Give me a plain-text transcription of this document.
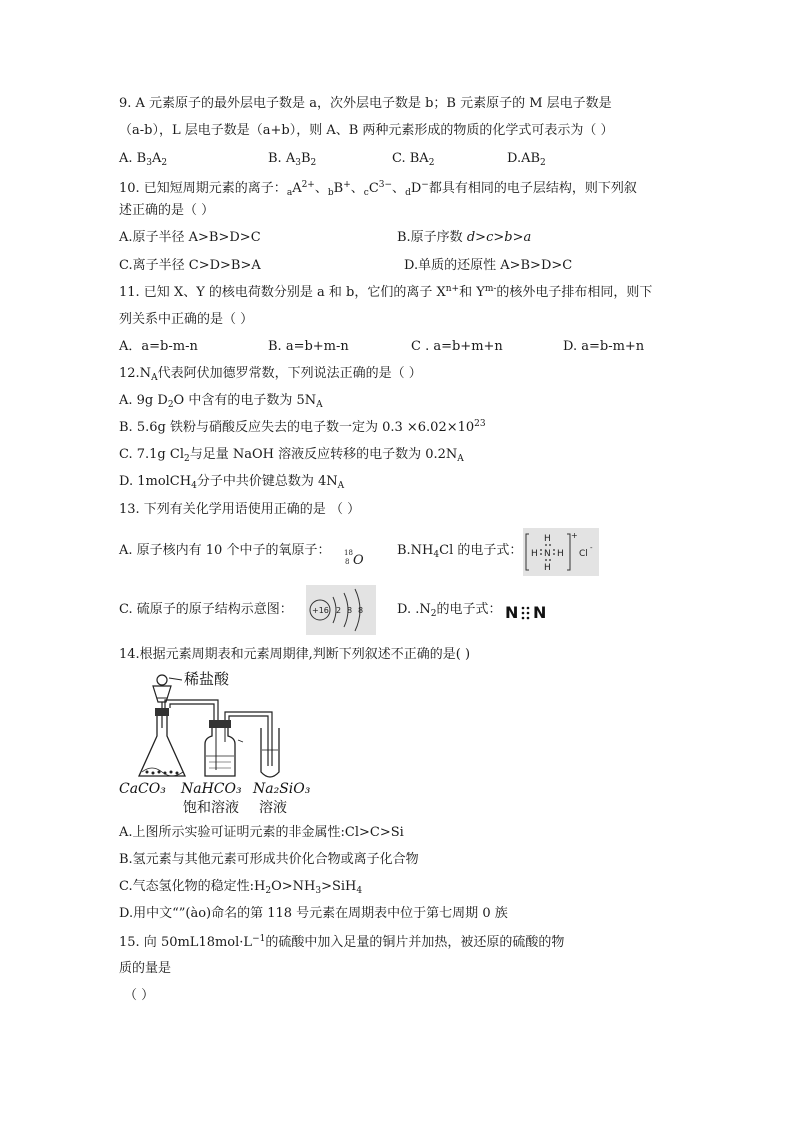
9. A 元素原子的最外层电子数是 a，次外层电子数是 b；B 元素原子的 M 层电子数是
（a-b），L 层电子数是（a+b），则 A、B 两种元素形成的物质的化学式可表示为（ ）
A. $B_3A_2$	B. $A_3B_2$	C. $BA_2$	$D.AB_2$
10. 已知短周期元素的离子：$_aA^{2+}$、$_b$B+、$_cC^{3-}$、$_d$D−都具有相同的电子层结构，则下列叙
述正确的是（ ）
A.原子半径 A>B>D>C	B.原子序数 d>c>b>a
C.离子半径 C>D>B>A	D.单质的还原性 A>B>D>C
11. 已知 X、Y 的核电荷数分别是 a 和 b，它们的离子 $X^{n+}$和 $Y^{m-}$的核外电子排布相同，则下
列关系中正确的是（ ）
A．a=b-m-n	B. a=b+m-n	C . a=b+m+n	D. a=b-m+n
$12.N_A$代表阿伏加德罗常数，下列说法正确的是（ ）
A. 9g $D_2O$ 中含有的电子数为 $5N_A$
B. 5.6g 铁粉与硝酸反应失去的电子数一定为 $0.3 \times 6.02\times 10^{23}$
C. 7.1g $Cl_2$与足量 NaOH 溶液反应转移的电子数为 $0.2N_A$
D. 1molCH$_4$分子中共价键总数为 $4N_A$
13. 下列有关化学用语使用正确的是 （ ）
A. 原子核内有 10 个中子的氧原子： 18
8 O
$B.NH_4Cl$ 的电子式：
H
H N H
H
+
Cl
-
C. 硫原子的原子结构示意图： +16 2 8 8	D. $.N_2$的电子式： N N
14.根据元素周期表和元素周期律,判断下列叙述不正确的是( )
稀盐酸
CaCO₃ NaHCO₃ Na₂SiO₃
饱和溶液 溶液
A.上图所示实验可证明元素的非金属性:Cl>C>Si
B.氢元素与其他元素可形成共价化合物或离子化合物
C.气态氢化物的稳定性$:H_2O>NH_3>SiH_4$
D.用中文“”(ào)命名的第 118 号元素在周期表中位于第七周期 0 族
15. 向 $50mL18mol\cdot L^{-1}$的硫酸中加入足量的铜片并加热，被还原的硫酸的物
质的量是
（ ）
